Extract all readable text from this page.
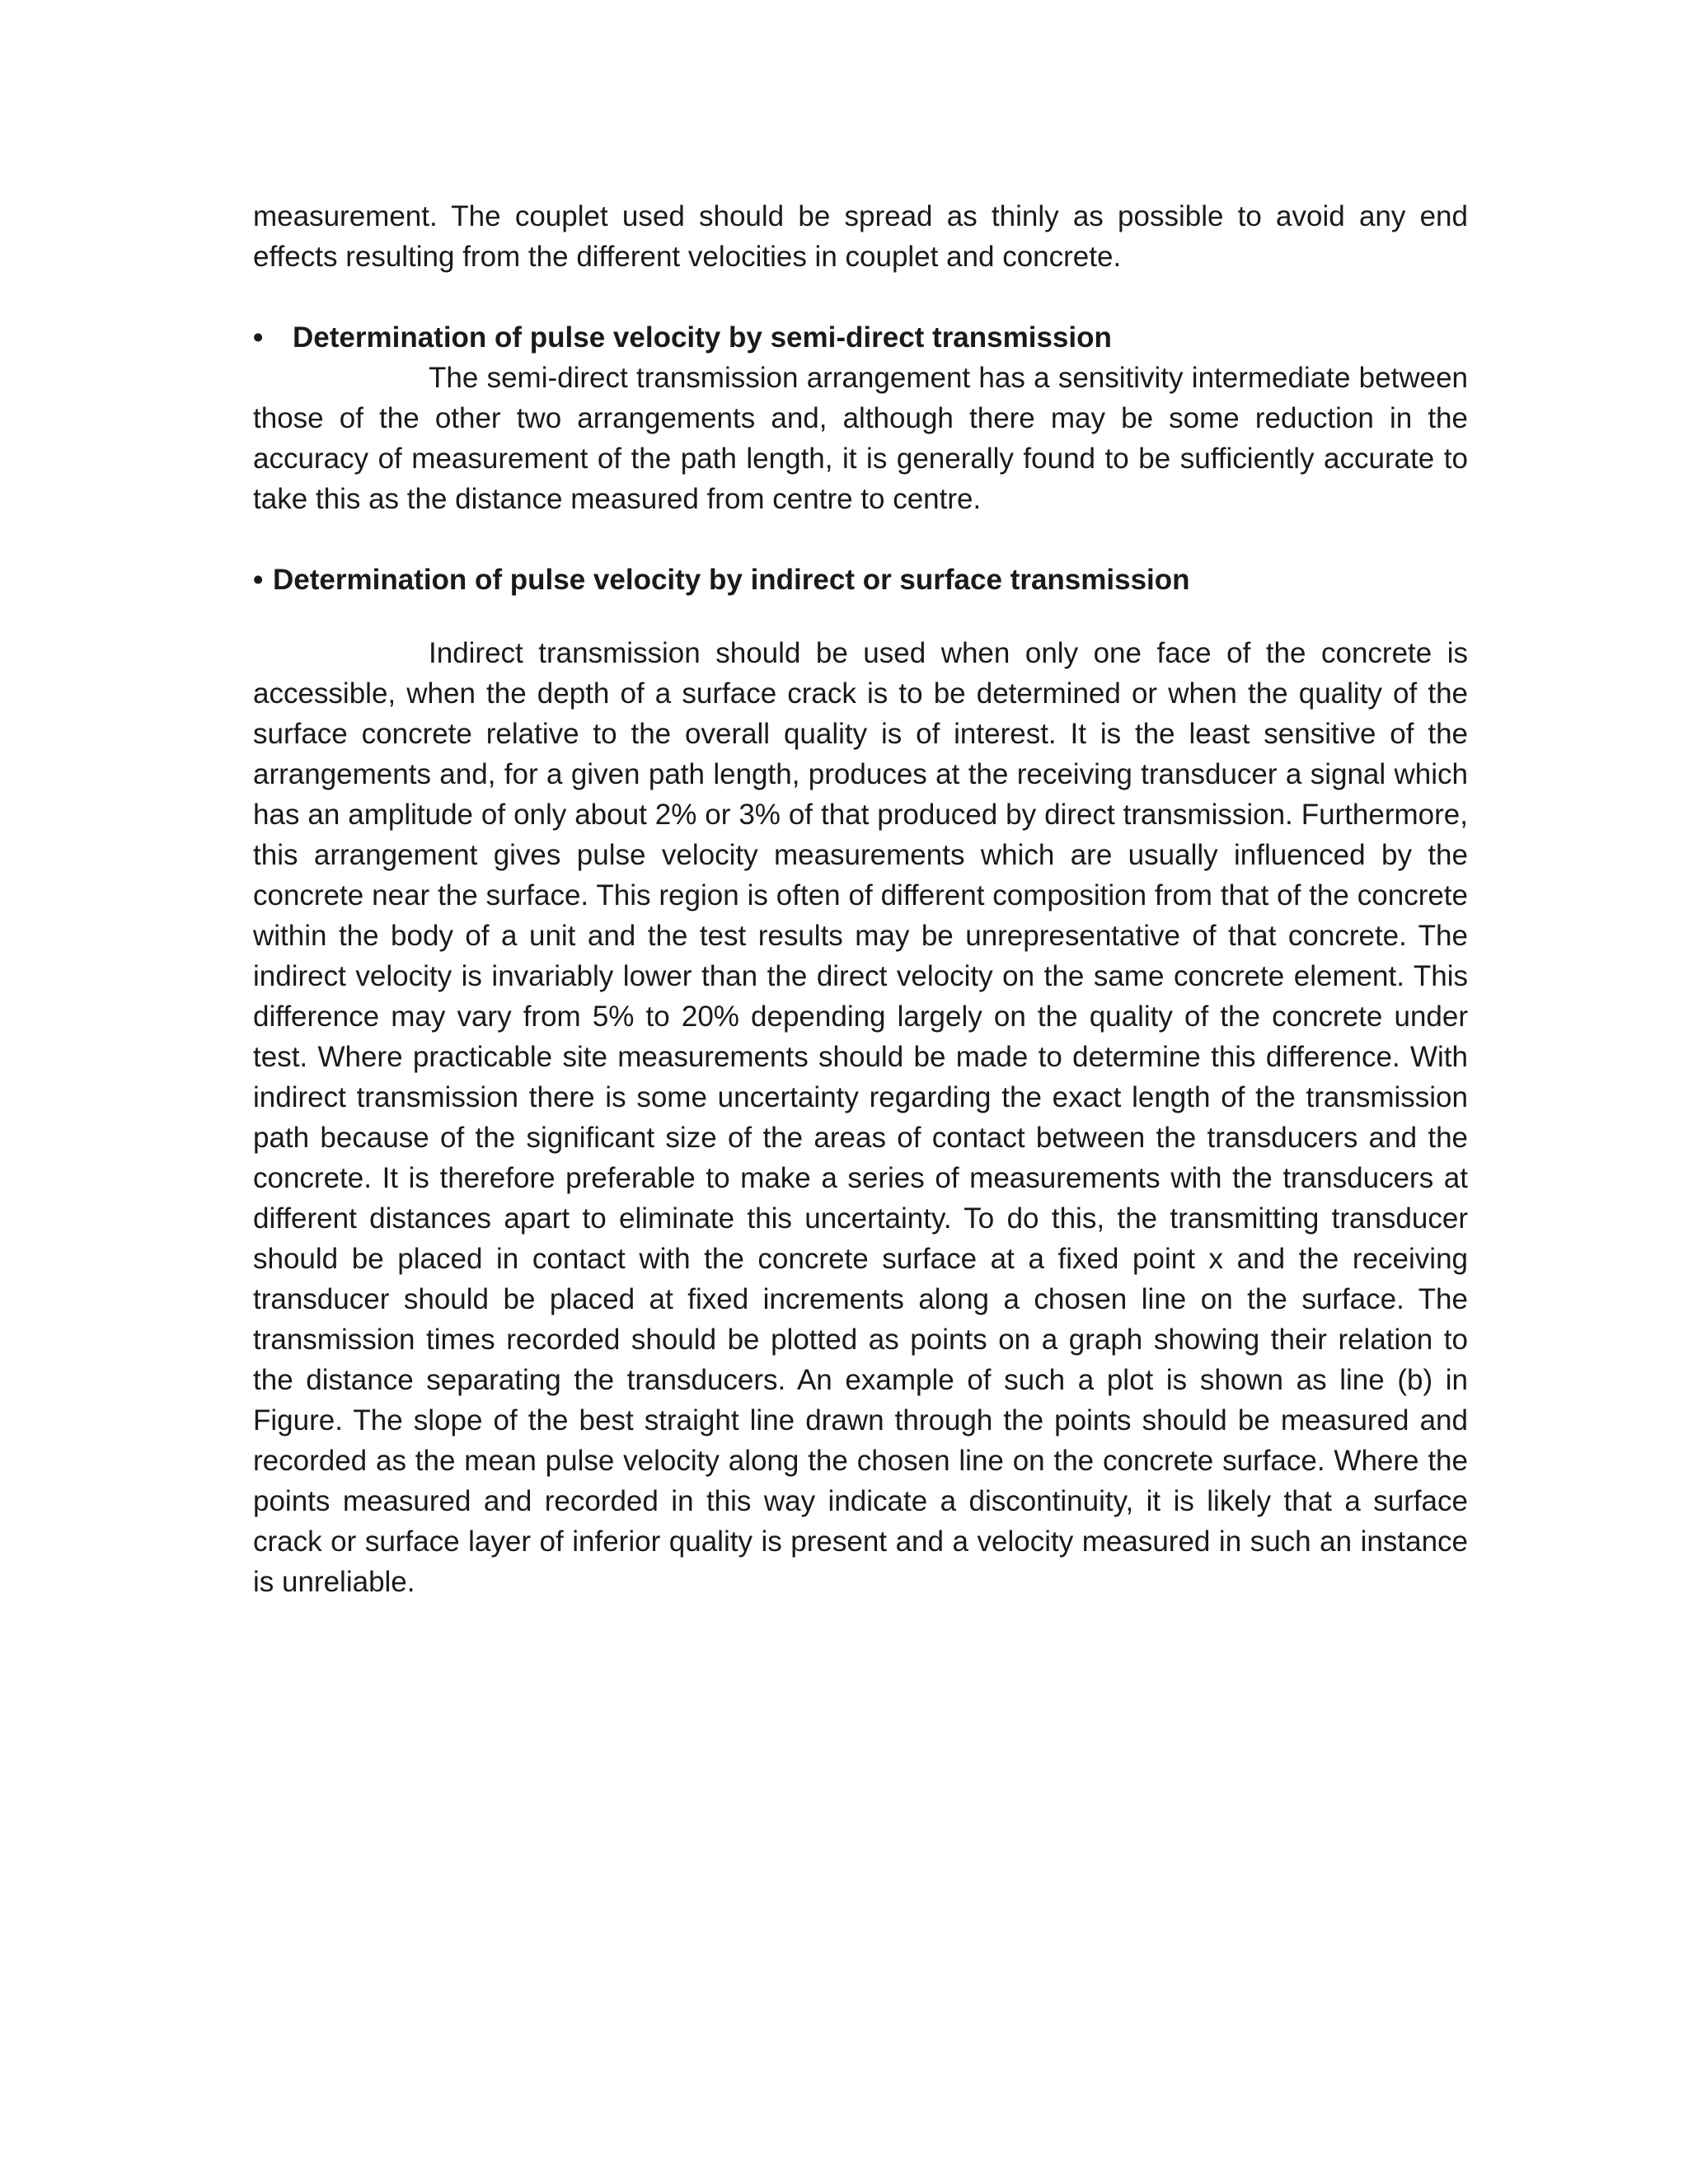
measurement. The couplet used should be spread as thinly as possible to avoid any end effects resulting from the different velocities in couplet and concrete.

•	Determination of pulse velocity by semi-direct transmission

The semi-direct transmission arrangement has a sensitivity intermediate between those of the other two arrangements and, although there may be some reduction in the accuracy of measurement of the path length, it is generally found to be sufficiently accurate to take this as the distance measured from centre to centre.

• Determination of pulse velocity by indirect or surface transmission

Indirect transmission should be used when only one face of the concrete is accessible, when the depth of a surface crack is to be determined or when the quality of the surface concrete relative to the overall quality is of interest. It is the least sensitive of the arrangements and, for a given path length, produces at the receiving transducer a signal which has an amplitude of only about 2% or 3% of that produced by direct transmission. Furthermore, this arrangement gives pulse velocity measurements which are usually influenced by the concrete near the surface. This region is often of different composition from that of the concrete within the body of a unit and the test results may be unrepresentative of that concrete. The indirect velocity is invariably lower than the direct velocity on the same concrete element. This difference may vary from 5% to 20% depending largely on the quality of the concrete under test. Where practicable site measurements should be made to determine this difference. With indirect transmission there is some uncertainty regarding the exact length of the transmission path because of the significant size of the areas of contact between the transducers and the concrete. It is therefore preferable to make a series of measurements with the transducers at different distances apart to eliminate this uncertainty. To do this, the transmitting transducer should be placed in contact with the concrete surface at a fixed point x and the receiving transducer should be placed at fixed increments along a chosen line on the surface. The transmission times recorded should be plotted as points on a graph showing their relation to the distance separating the transducers. An example of such a plot is shown as line (b) in Figure. The slope of the best straight line drawn through the points should be measured and recorded as the mean pulse velocity along the chosen line on the concrete surface. Where the points measured and recorded in this way indicate a discontinuity, it is likely that a surface crack or surface layer of inferior quality is present and a velocity measured in such an instance is unreliable.
